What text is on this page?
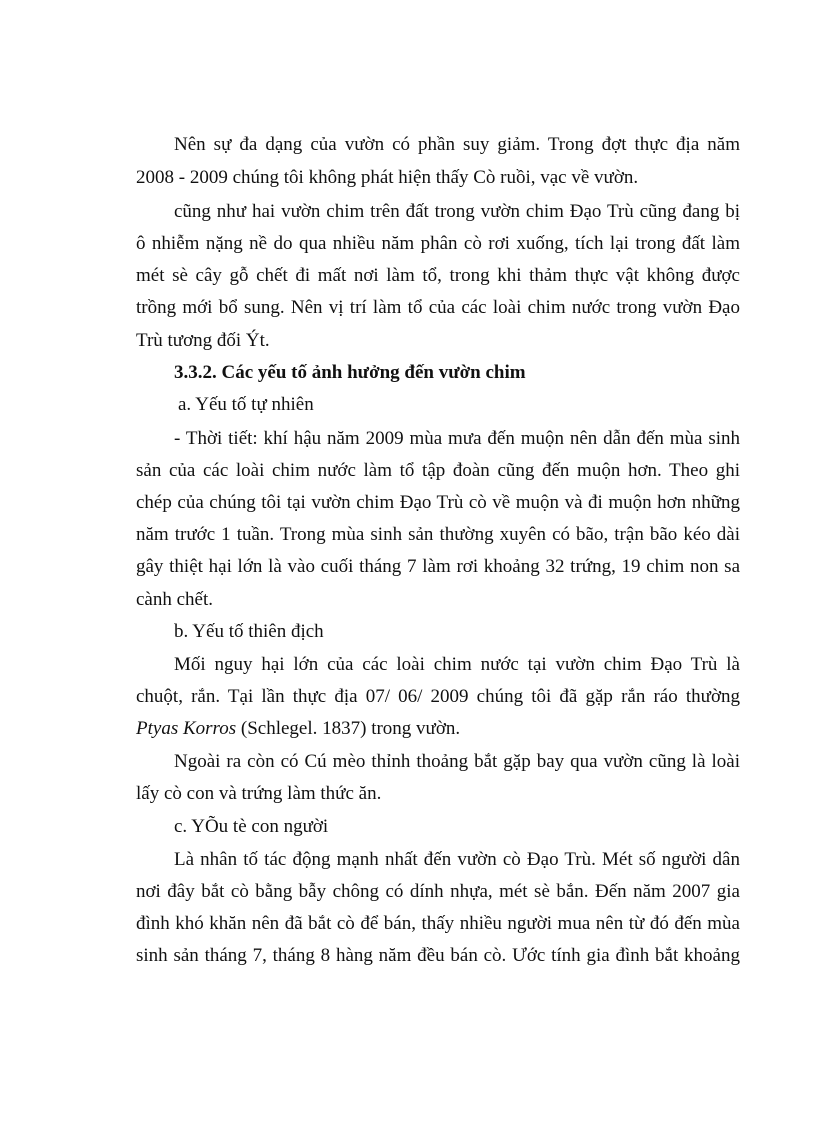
Nên sự đa dạng của vườn có phần suy giảm. Trong đợt thực địa năm
2008 - 2009 chúng tôi không phát hiện thấy Cò ruồi, vạc về vườn.
cũng như hai vườn chim trên đất trong vườn chim Đạo Trù cũng đang bị
ô nhiễm nặng nề do qua nhiều năm phân cò rơi xuống, tích lại trong đất làm
mét sè cây gỗ chết đi mất nơi làm tổ, trong khi thảm thực vật không được
trồng mới bổ sung. Nên vị trí làm tổ của các loài chim nước trong vườn Đạo
Trù tương đối Ýt.
3.3.2. Các yếu tố ảnh hưởng đến vườn chim
a. Yếu tố tự nhiên
- Thời tiết: khí hậu năm 2009 mùa mưa đến muộn nên dẫn đến mùa sinh
sản của các loài chim nước làm tổ tập đoàn cũng đến muộn hơn. Theo ghi
chép của chúng tôi tại vườn chim Đạo Trù cò về muộn và đi muộn hơn những
năm trước 1 tuần. Trong mùa sinh sản thường xuyên có bão, trận bão kéo dài
gây thiệt hại lớn là vào cuối tháng 7 làm rơi khoảng 32 trứng, 19 chim non sa
cành chết.
b. Yếu tố thiên địch
Mối nguy hại lớn của các loài chim nước tại vườn chim Đạo Trù là
chuột, rắn. Tại lần thực địa 07/ 06/ 2009 chúng tôi đã gặp rắn ráo thường
Ptyas Korros (Schlegel. 1837) trong vườn.
Ngoài ra còn có Cú mèo thỉnh thoảng bắt gặp bay qua vườn cũng là loài
lấy cò con và trứng làm thức ăn.
c. YÕu tè con người
Là nhân tố tác động mạnh nhất đến vườn cò Đạo Trù. Mét số người dân
nơi đây bắt cò bằng bẫy chông có dính nhựa, mét sè bắn. Đến năm 2007 gia
đình khó khăn nên đã bắt cò để bán, thấy nhiều người mua nên từ đó đến mùa
sinh sản tháng 7, tháng 8 hàng năm đều bán cò. Ước tính gia đình bắt khoảng
